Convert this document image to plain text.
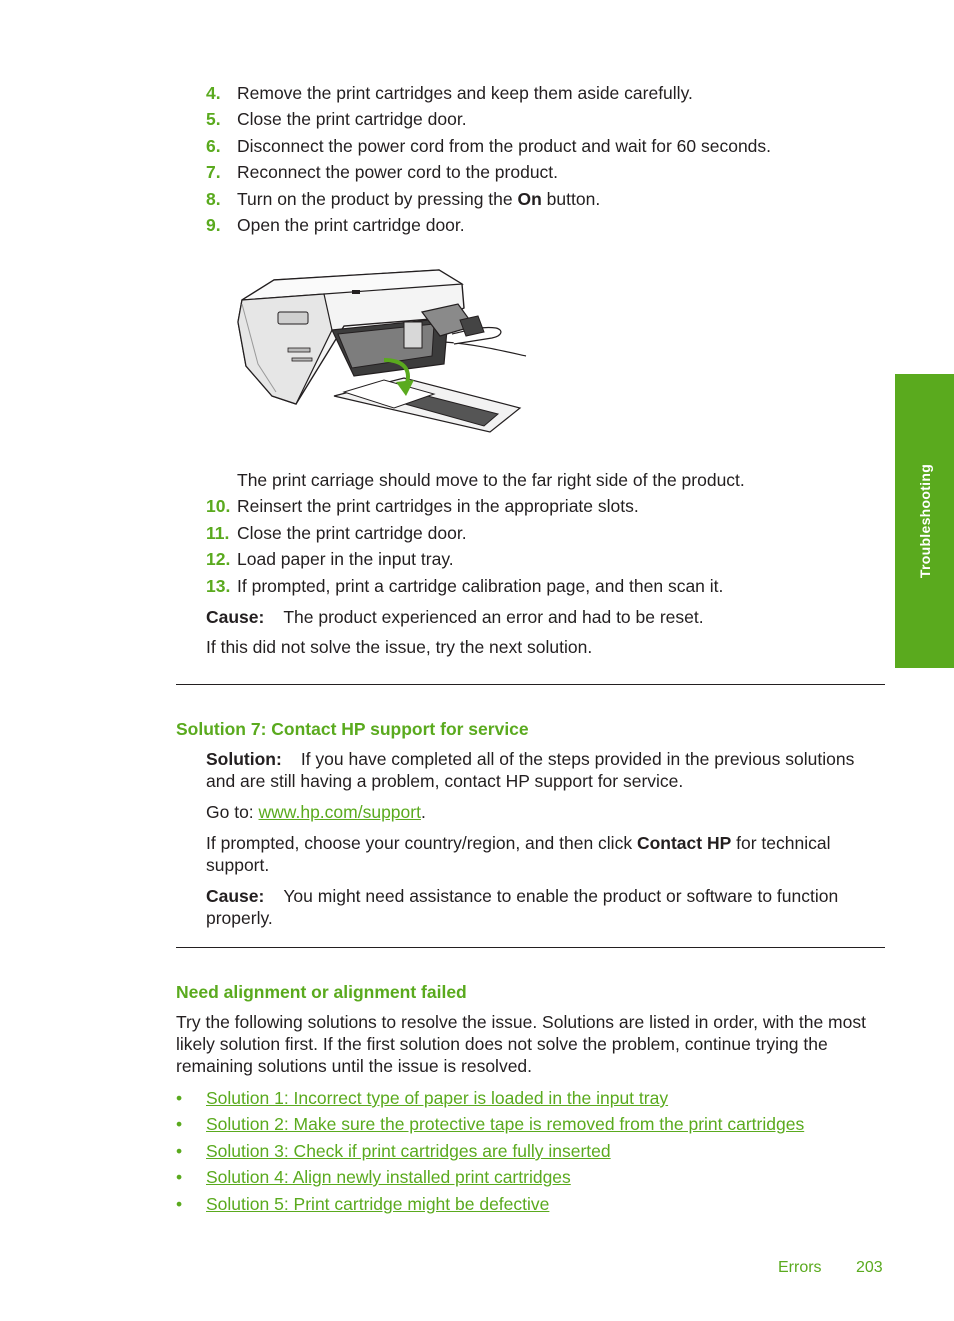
4. Remove the print cartridges and keep them aside carefully.
5. Close the print cartridge door.
6. Disconnect the power cord from the product and wait for 60 seconds.
7. Reconnect the power cord to the product.
8. Turn on the product by pressing the On button.
9. Open the print cartridge door.
The print carriage should move to the far right side of the product.
10. Reinsert the print cartridges in the appropriate slots.
11. Close the print cartridge door.
12. Load paper in the input tray.
13. If prompted, print a cartridge calibration page, and then scan it.
Cause: The product experienced an error and had to be reset.
If this did not solve the issue, try the next solution.
Solution 7: Contact HP support for service
Solution: If you have completed all of the steps provided in the previous solutions and are still having a problem, contact HP support for service.
Go to: www.hp.com/support.
If prompted, choose your country/region, and then click Contact HP for technical support.
Cause: You might need assistance to enable the product or software to function properly.
Need alignment or alignment failed
Try the following solutions to resolve the issue. Solutions are listed in order, with the most likely solution first. If the first solution does not solve the problem, continue trying the remaining solutions until the issue is resolved.
• Solution 1: Incorrect type of paper is loaded in the input tray
• Solution 2: Make sure the protective tape is removed from the print cartridges
• Solution 3: Check if print cartridges are fully inserted
• Solution 4: Align newly installed print cartridges
• Solution 5: Print cartridge might be defective
Troubleshooting
Errors 203
